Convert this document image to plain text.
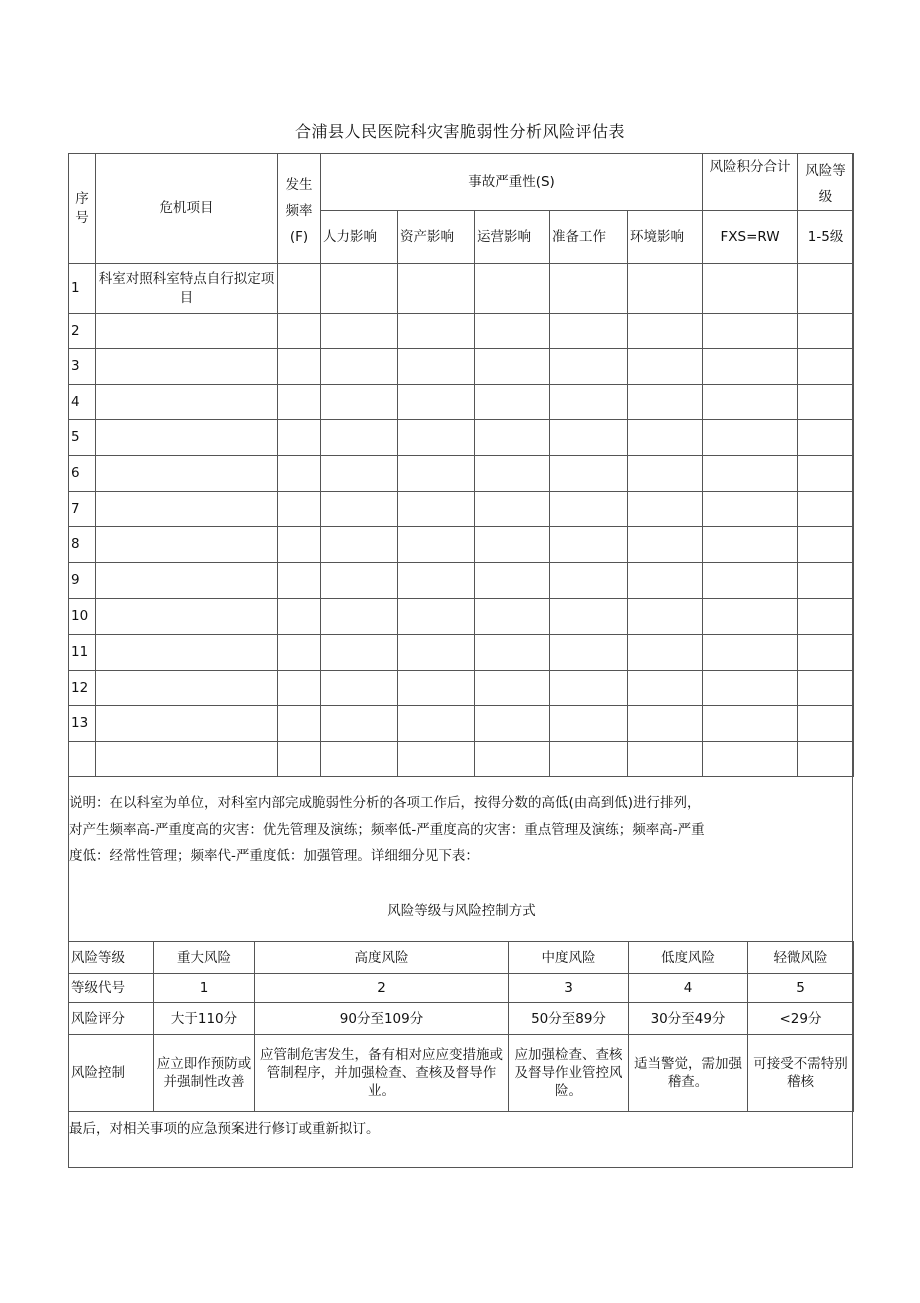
合浦县人民医院科灾害脆弱性分析风险评估表
序号	危机项目	发生频率(F)	事故严重性(S)					风险积分合计	风险等级
			人力影响	资产影响	运营影响	准备工作	环境影响	FXS=RW	1-5级
1	科室对照科室特点自行拟定项目								
2									
3									
4									
5									
6									
7									
8									
9									
10									
11									
12									
13									

说明：在以科室为单位，对科室内部完成脆弱性分析的各项工作后，按得分数的高低(由高到低)进行排列，

对产生频率高-严重度高的灾害：优先管理及演练；频率低-严重度高的灾害：重点管理及演练；频率高-严重

度低：经常性管理；频率代-严重度低：加强管理。详细细分见下表：

风险等级与风险控制方式

风险等级	重大风险	高度风险	中度风险	低度风险	轻微风险
等级代号	1	2	3	4	5
风险评分	大于110分	90分至109分	50分至89分	30分至49分	<29分
风险控制	应立即作预防或并强制性改善	应管制危害发生，备有相对应应变措施或管制程序，并加强检查、查核及督导作业。	应加强检查、查核及督导作业管控风险。	适当警觉，需加强稽查。	可接受不需特别稽核
最后，对相关事项的应急预案进行修订或重新拟订。
